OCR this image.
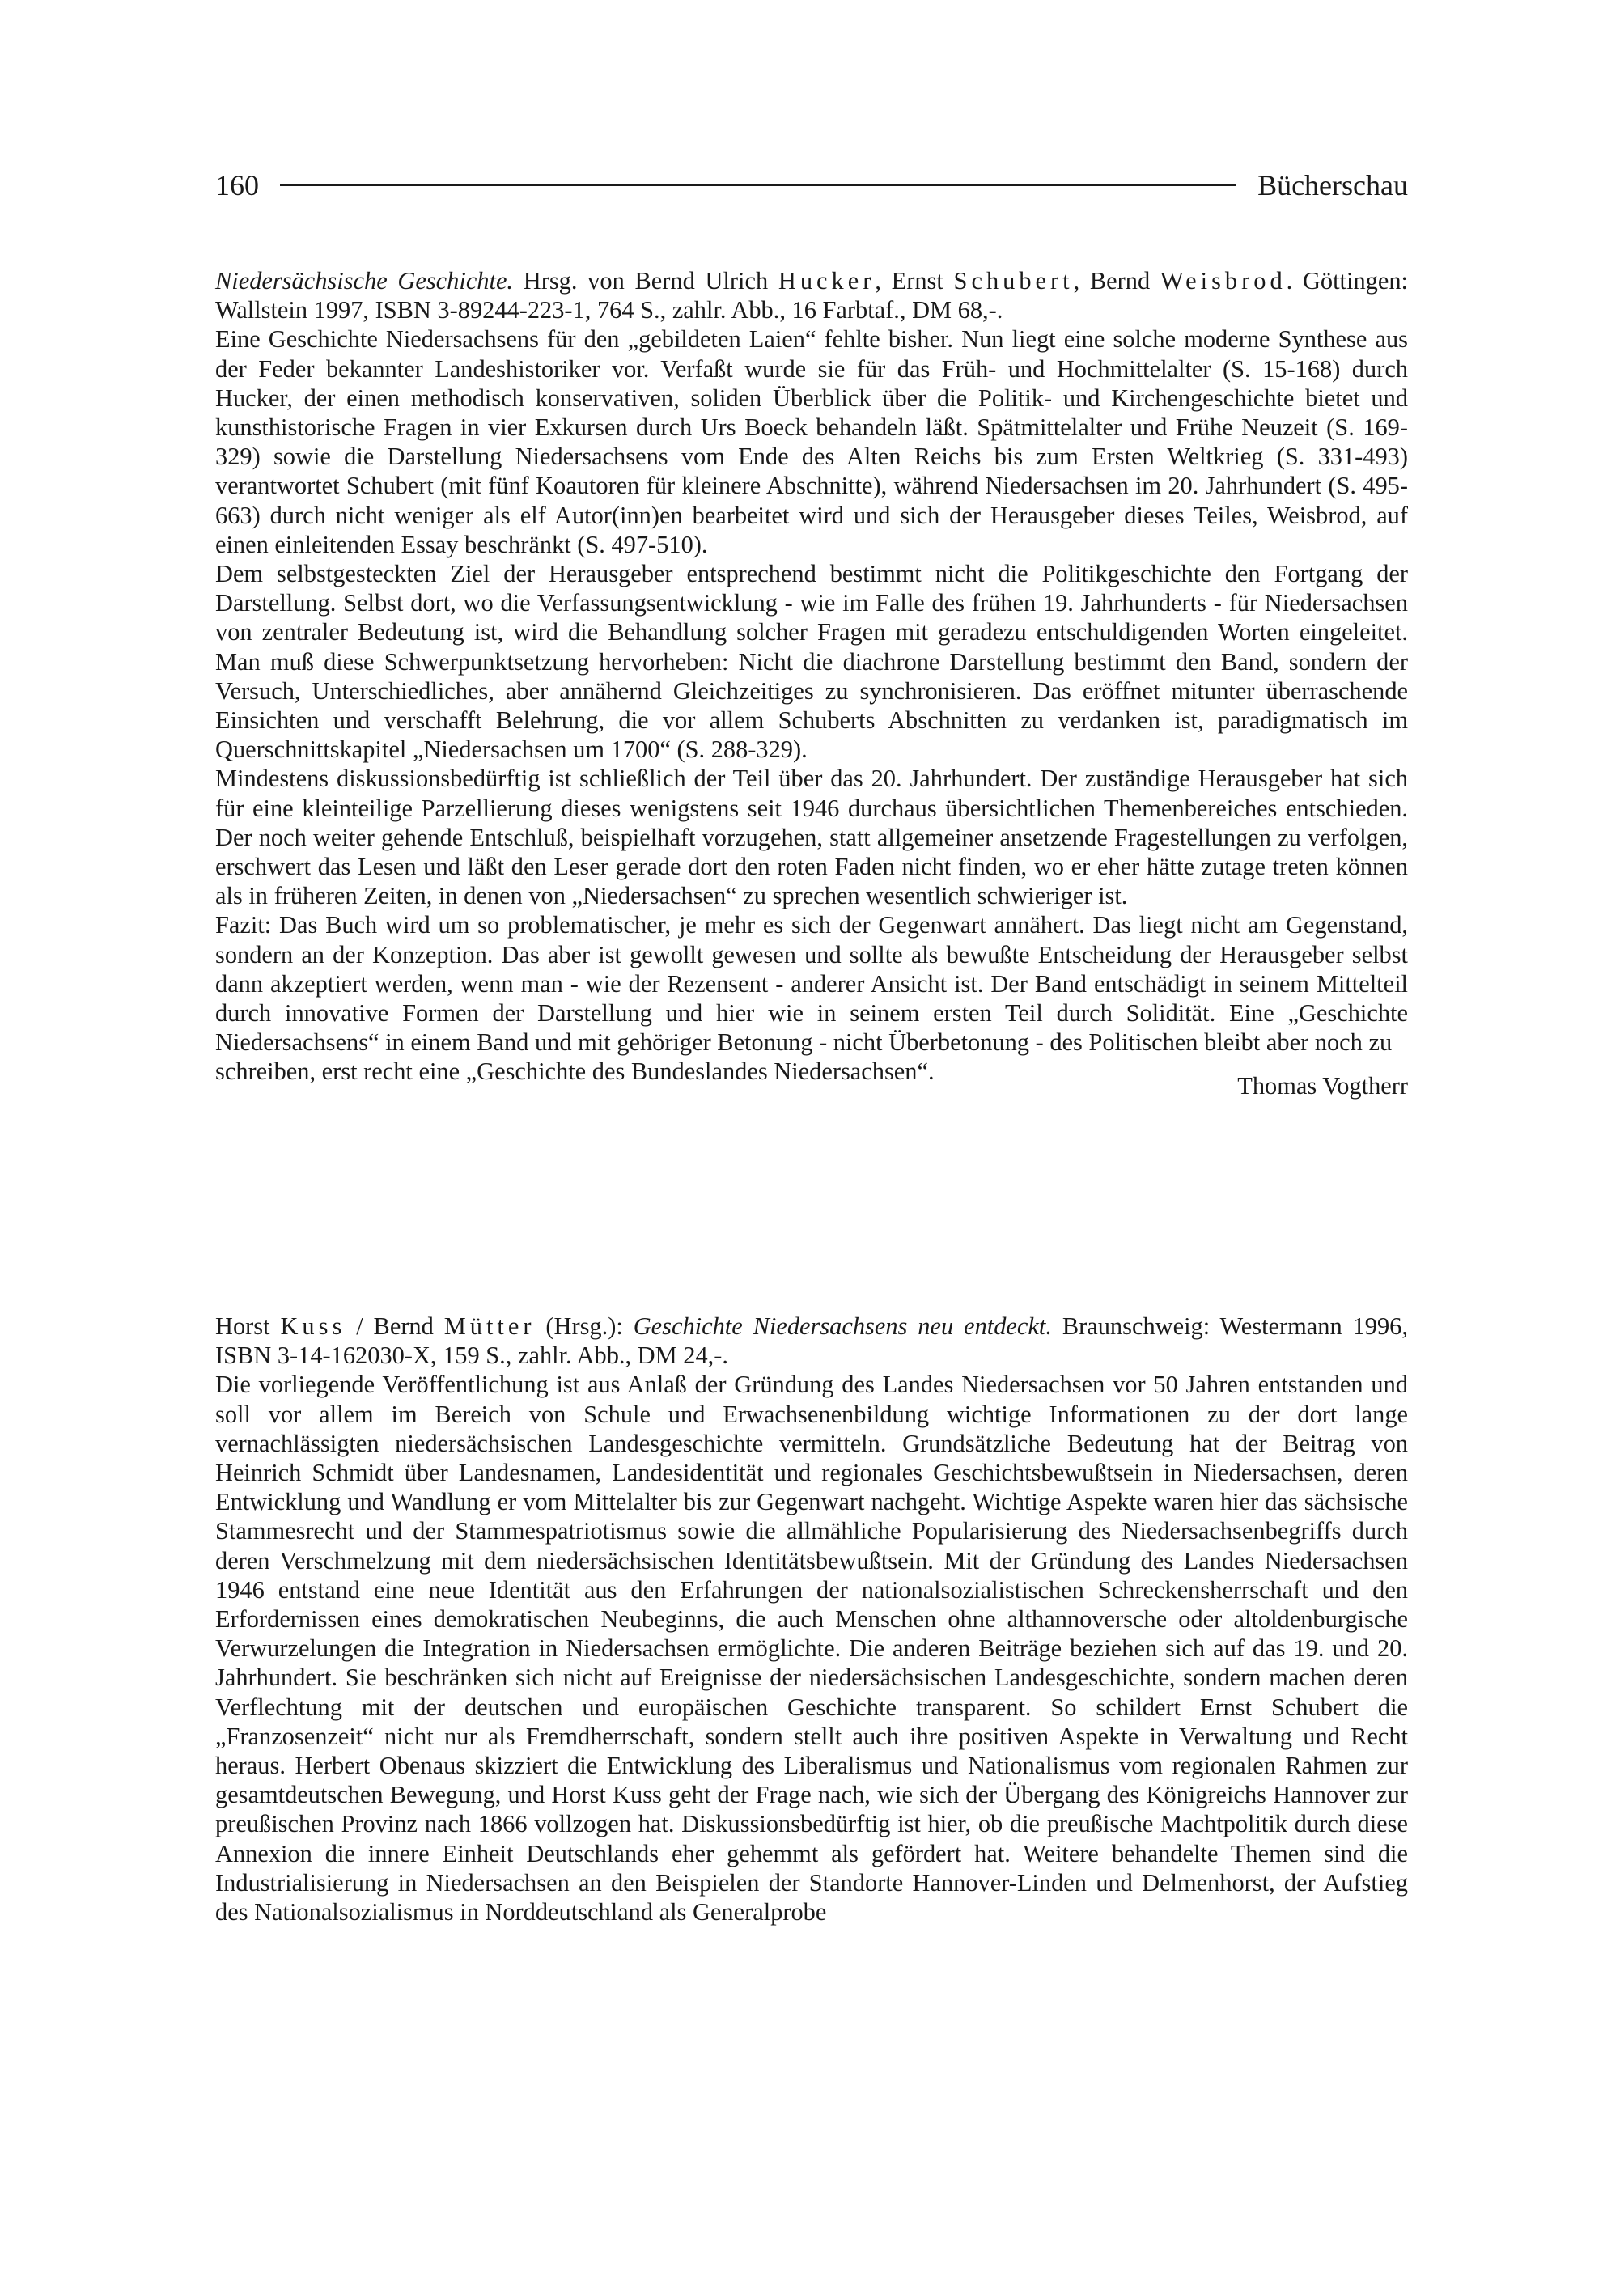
160	Bücherschau

Niedersächsische Geschichte. Hrsg. von Bernd Ulrich Hucker, Ernst Schubert, Bernd Weisbrod. Göttingen: Wallstein 1997, ISBN 3-89244-223-1, 764 S., zahlr. Abb., 16 Farbtaf., DM 68,-.

Eine Geschichte Niedersachsens für den „gebildeten Laien“ fehlte bisher. Nun liegt eine solche moderne Synthese aus der Feder bekannter Landeshistoriker vor. Verfaßt wurde sie für das Früh- und Hochmittelalter (S. 15-168) durch Hucker, der einen methodisch konservativen, soliden Überblick über die Politik- und Kirchengeschichte bietet und kunsthistorische Fragen in vier Exkursen durch Urs Boeck behandeln läßt. Spätmittelalter und Frühe Neuzeit (S. 169-329) sowie die Darstellung Niedersachsens vom Ende des Alten Reichs bis zum Ersten Weltkrieg (S. 331-493) verantwortet Schubert (mit fünf Koautoren für kleinere Abschnitte), während Niedersachsen im 20. Jahrhundert (S. 495-663) durch nicht weniger als elf Autor(inn)en bearbeitet wird und sich der Herausgeber dieses Teiles, Weisbrod, auf einen einleitenden Essay beschränkt (S. 497-510).

Dem selbstgesteckten Ziel der Herausgeber entsprechend bestimmt nicht die Politikgeschichte den Fortgang der Darstellung. Selbst dort, wo die Verfassungsentwicklung - wie im Falle des frühen 19. Jahrhunderts - für Niedersachsen von zentraler Bedeutung ist, wird die Behandlung solcher Fragen mit geradezu entschuldigenden Worten eingeleitet. Man muß diese Schwerpunktsetzung hervorheben: Nicht die diachrone Darstellung bestimmt den Band, sondern der Versuch, Unterschiedliches, aber annähernd Gleichzeitiges zu synchronisieren. Das eröffnet mitunter überraschende Einsichten und verschafft Belehrung, die vor allem Schuberts Abschnitten zu verdanken ist, paradigmatisch im Querschnittskapitel „Niedersachsen um 1700“ (S. 288-329).

Mindestens diskussionsbedürftig ist schließlich der Teil über das 20. Jahrhundert. Der zuständige Herausgeber hat sich für eine kleinteilige Parzellierung dieses wenigstens seit 1946 durchaus übersichtlichen Themenbereiches entschieden. Der noch weiter gehende Entschluß, beispielhaft vorzugehen, statt allgemeiner ansetzende Fragestellungen zu verfolgen, erschwert das Lesen und läßt den Leser gerade dort den roten Faden nicht finden, wo er eher hätte zutage treten können als in früheren Zeiten, in denen von „Niedersachsen“ zu sprechen wesentlich schwieriger ist.

Fazit: Das Buch wird um so problematischer, je mehr es sich der Gegenwart annähert. Das liegt nicht am Gegenstand, sondern an der Konzeption. Das aber ist gewollt gewesen und sollte als bewußte Entscheidung der Herausgeber selbst dann akzeptiert werden, wenn man - wie der Rezensent - anderer Ansicht ist. Der Band entschädigt in seinem Mittelteil durch innovative Formen der Darstellung und hier wie in seinem ersten Teil durch Solidität. Eine „Geschichte Niedersachsens“ in einem Band und mit gehöriger Betonung - nicht Überbetonung - des Politischen bleibt aber noch zu

schreiben, erst recht eine „Geschichte des Bundeslandes Niedersachsen“.
Thomas Vogtherr

Horst Kuss / Bernd Mütter (Hrsg.): Geschichte Niedersachsens neu entdeckt. Braunschweig: Westermann 1996, ISBN 3-14-162030-X, 159 S., zahlr. Abb., DM 24,-.

Die vorliegende Veröffentlichung ist aus Anlaß der Gründung des Landes Niedersachsen vor 50 Jahren entstanden und soll vor allem im Bereich von Schule und Erwachsenenbildung wichtige Informationen zu der dort lange vernachlässigten niedersächsischen Landesgeschichte vermitteln. Grundsätzliche Bedeutung hat der Beitrag von Heinrich Schmidt über Landesnamen, Landesidentität und regionales Geschichtsbewußtsein in Niedersachsen, deren Entwicklung und Wandlung er vom Mittelalter bis zur Gegenwart nachgeht. Wichtige Aspekte waren hier das sächsische Stammesrecht und der Stammespatriotismus sowie die allmähliche Popularisierung des Niedersachsenbegriffs durch deren Verschmelzung mit dem niedersächsischen Identitätsbewußtsein. Mit der Gründung des Landes Niedersachsen 1946 entstand eine neue Identität aus den Erfahrungen der nationalsozialistischen Schreckensherrschaft und den Erfordernissen eines demokratischen Neubeginns, die auch Menschen ohne althannoversche oder altoldenburgische Verwurzelungen die Integration in Niedersachsen ermöglichte. Die anderen Beiträge beziehen sich auf das 19. und 20. Jahrhundert. Sie beschränken sich nicht auf Ereignisse der niedersächsischen Landesgeschichte, sondern machen deren Verflechtung mit der deutschen und europäischen Geschichte transparent. So schildert Ernst Schubert die „Franzosenzeit“ nicht nur als Fremdherrschaft, sondern stellt auch ihre positiven Aspekte in Verwaltung und Recht heraus. Herbert Obenaus skizziert die Entwicklung des Liberalismus und Nationalismus vom regionalen Rahmen zur gesamtdeutschen Bewegung, und Horst Kuss geht der Frage nach, wie sich der Übergang des Königreichs Hannover zur preußischen Provinz nach 1866 vollzogen hat. Diskussionsbedürftig ist hier, ob die preußische Machtpolitik durch diese Annexion die innere Einheit Deutschlands eher gehemmt als gefördert hat. Weitere behandelte Themen sind die Industrialisierung in Niedersachsen an den Beispielen der Standorte Hannover-Linden und Delmenhorst, der Aufstieg des Nationalsozialismus in Norddeutschland als Generalprobe
